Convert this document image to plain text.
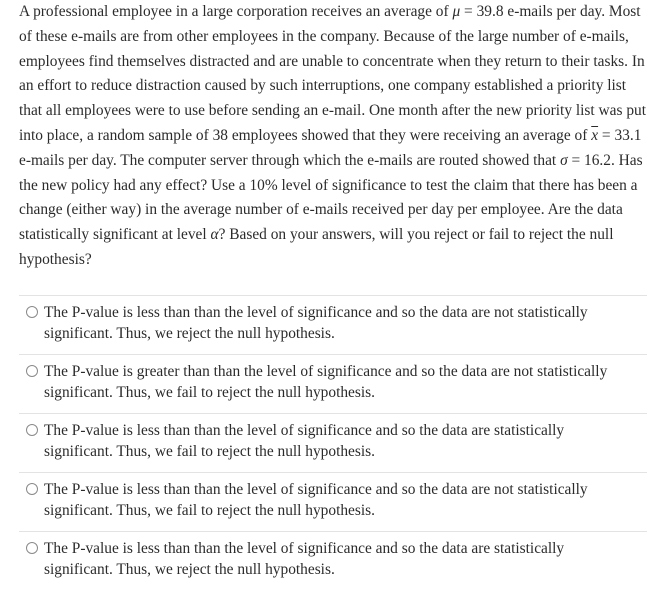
A professional employee in a large corporation receives an average of μ = 39.8 e-mails per day. Most of these e-mails are from other employees in the company. Because of the large number of e-mails, employees find themselves distracted and are unable to concentrate when they return to their tasks. In an effort to reduce distraction caused by such interruptions, one company established a priority list that all employees were to use before sending an e-mail. One month after the new priority list was put into place, a random sample of 38 employees showed that they were receiving an average of $\overline{x} = 33.1$ e-mails per day. The computer server through which the e-mails are routed showed that σ = 16.2. Has the new policy had any effect? Use a 10% level of significance to test the claim that there has been a change (either way) in the average number of e-mails received per day per employee. Are the data statistically significant at level α? Based on your answers, will you reject or fail to reject the null hypothesis?
The P-value is less than than the level of significance and so the data are not statistically
significant. Thus, we reject the null hypothesis.
The P-value is greater than than the level of significance and so the data are not statistically
significant. Thus, we fail to reject the null hypothesis.
The P-value is less than than the level of significance and so the data are statistically
significant. Thus, we fail to reject the null hypothesis.
The P-value is less than than the level of significance and so the data are not statistically
significant. Thus, we fail to reject the null hypothesis.
The P-value is less than than the level of significance and so the data are statistically
significant. Thus, we reject the null hypothesis.
